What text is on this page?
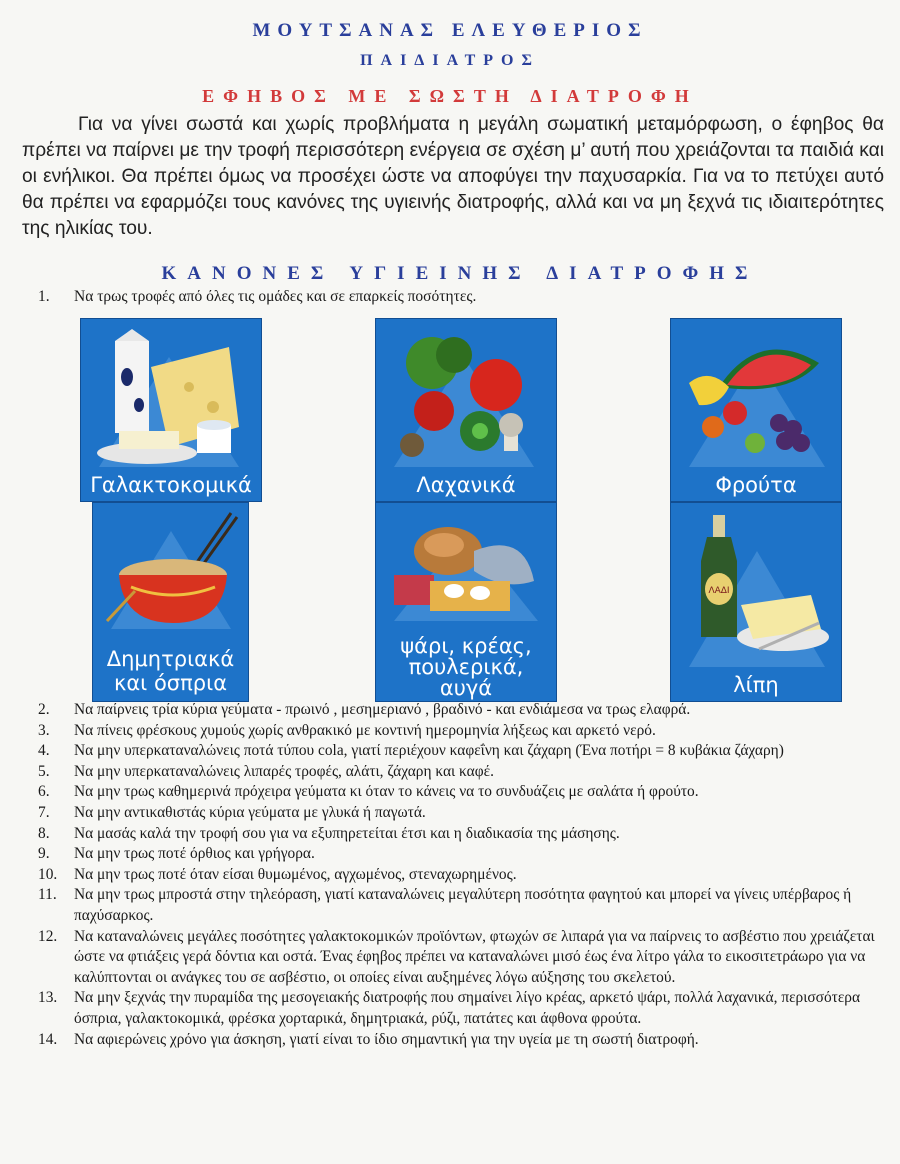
ΜΟΥΤΣΑΝΑΣ ΕΛΕΥΘΕΡΙΟΣ
ΠΑΙΔΙΑΤΡΟΣ
ΕΦΗΒΟΣ ΜΕ ΣΩΣΤΗ ΔΙΑΤΡΟΦΗ

Για να γίνει σωστά και χωρίς προβλήματα η μεγάλη σωματική μεταμόρφωση, ο έφηβος θα πρέπει να παίρνει με την τροφή περισσότερη ενέργεια σε σχέση μ’ αυτή που χρειάζονται τα παιδιά και οι ενήλικοι. Θα πρέπει όμως να προσέχει ώστε να αποφύγει την παχυσαρκία. Για να το πετύχει αυτό θα πρέπει να εφαρμόζει τους κανόνες της υγιεινής διατροφής, αλλά και να μη ξεχνά τις ιδιαιτερότητες της ηλικίας του.

ΚΑΝΟΝΕΣ ΥΓΙΕΙΝΗΣ ΔΙΑΤΡΟΦΗΣ
1. Να τρως τροφές από όλες τις ομάδες και σε επαρκείς ποσότητες.
Γαλακτοκομικά	Λαχανικά	Φρούτα
Δημητριακά
και όσπρια
ψάρι, κρέας,
πουλερικά,
αυγά
ΛΑΔΙ
λίπη
2.	Να παίρνεις τρία κύρια γεύματα - πρωινό , μεσημεριανό , βραδινό - και ενδιάμεσα να τρως ελαφρά.
3.	Να πίνεις φρέσκους χυμούς χωρίς ανθρακικό με κοντινή ημερομηνία λήξεως και αρκετό νερό.
4.	Να μην υπερκαταναλώνεις ποτά τύπου cola, γιατί περιέχουν καφεΐνη και ζάχαρη (Ένα ποτήρι = 8 κυβάκια ζάχαρη)
5.	Να μην υπερκαταναλώνεις λιπαρές τροφές, αλάτι, ζάχαρη και καφέ.
6.	Να μην τρως καθημερινά πρόχειρα γεύματα κι όταν το κάνεις να το συνδυάζεις με σαλάτα ή φρούτο.
7.	Να μην αντικαθιστάς κύρια γεύματα με γλυκά ή παγωτά.
8.	Να μασάς καλά την τροφή σου για να εξυπηρετείται έτσι και η διαδικασία της μάσησης.
9.	Να μην τρως ποτέ όρθιος και γρήγορα.
10.	Να μην τρως ποτέ όταν είσαι θυμωμένος, αγχωμένος, στεναχωρημένος.
11.	Να μην τρως μπροστά στην τηλεόραση, γιατί καταναλώνεις μεγαλύτερη ποσότητα φαγητού και μπορεί να γίνεις υπέρβαρος ή παχύσαρκος.
12.	Να καταναλώνεις μεγάλες ποσότητες γαλακτοκομικών προϊόντων, φτωχών σε λιπαρά για να παίρνεις το ασβέστιο που χρειάζεται ώστε να φτιάξεις γερά δόντια και οστά. Ένας έφηβος πρέπει να καταναλώνει μισό έως ένα λίτρο γάλα το εικοσιτετράωρο για να καλύπτονται οι ανάγκες του σε ασβέστιο, οι οποίες είναι αυξημένες λόγω αύξησης του σκελετού.
13.	Να μην ξεχνάς την πυραμίδα της μεσογειακής διατροφής που σημαίνει λίγο κρέας, αρκετό ψάρι, πολλά λαχανικά, περισσότερα όσπρια, γαλακτοκομικά, φρέσκα χορταρικά, δημητριακά, ρύζι, πατάτες και άφθονα φρούτα.
14.	Να αφιερώνεις χρόνο για άσκηση, γιατί είναι το ίδιο σημαντική για την υγεία με τη σωστή διατροφή.
